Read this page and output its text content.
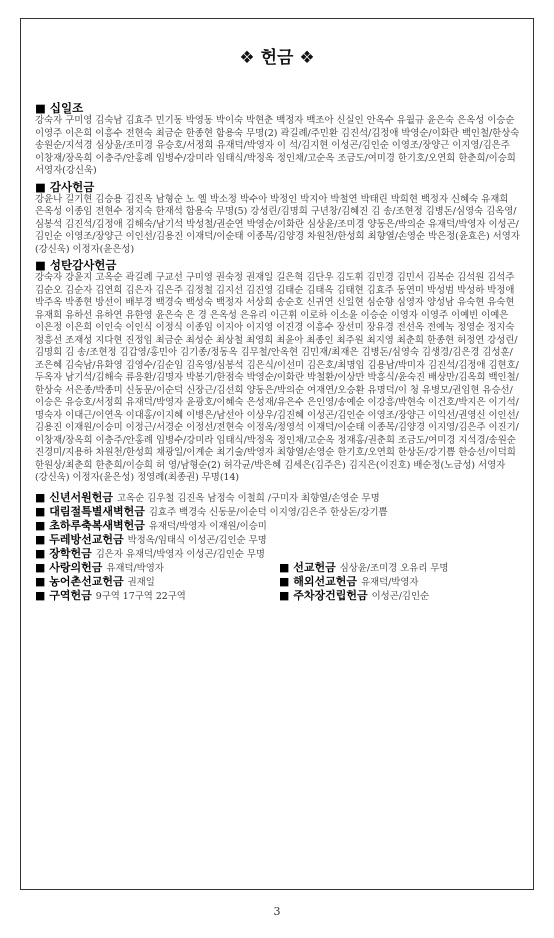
❖ 헌금 ❖
■ 십일조
강숙자 구미영 김숙남 김효주 민기동 박영동 박이숙 박현춘 백정자 백조아 신실인 안옥수 유월규 윤은숙 은옥성 이승순 이영주 이은희 이흥수 전현숙 최금순 한종현 함용숙 무명(2) 곽길례/주민환 김진석/김정애 박영순/이화란 백인철/한상숙 송원순/지석경 심상윤/조미경 유승호/서정희 유재덕/박영자 이 석/김지현 이성곤/김인순 이영조/장양근 이지영/김은주 이창재/장옥희 이충주/안홍례 임병수/강미라 임태식/박정옥 정인채/고순옥 조금도/여미경 한기호/오연희 한춘희/이승희 서영자(강신욱)
■ 감사헌금
강윤나 길기현 김승용 김진옥 남형순 노 엘 박소정 박수아 박정인 박지아 박철연 박태린 박희현 백정자 신혜숙 유재희 은옥성 이종임 전현수 정지숙 한재석 함용숙 무명(5) 강성린/김명희 구년창/김혜진 김 송/조현정 김병돈/심영숙 김옥영/심봉석 김진석/김정애 김해숙/남기석 박성철/권순연 박영순/이화란 심상윤/조미경 양동은/박의순 유재덕/박영자 이성곤/김인순 이영조/장양근 이인선/김용진 이재덕/이순태 이종목/김양경 차원천/한성희 최향열/손영순 박은정(윤효은) 서영자(강신욱) 이정자(윤은성)
■ 성탄감사헌금
강숙자 강윤지 고옥순 곽길례 구교선 구미영 권숙정 권재일 길은혁 김단우 김도휘 김민경 김민서 김복순 김석원 김석주 김순오 김순자 김연희 김은자 김은주 김정철 김지선 김진영 김태순 김태옥 김태현 김효주 동연미 박성범 박성하 박정애 박주옥 박종현 방선이 배부경 백경숙 백성숙 백정자 서상희 송순호 신귀연 신일현 심순향 심영자 양성남 유숙현 유숙현 유재희 유하선 유하연 유한영 윤은숙 은 경 은옥성 은유리 이근휘 이로하 이소윤 이승순 이영자 이영주 이예빈 이예은 이은정 이은희 이인숙 이인식 이정식 이종임 이지아 이지영 이진경 이흥수 장선미 장유경 전선옥 전예녹 정영순 정지숙 정흥선 조재성 지다현 진정임 최금순 최성순 최상철 최영희 최윤아 최종인 최주원 최지영 최춘희 한종현 허정연 강성린/김명희 김 송/조현정 김갑영/홍민아 김기종/정동옥 김무철/안옥현 김민재/최재은 김병돈/심영숙 김생경/김은경 김성훈/조은혜 김숙남/유화영 김영수/김순임 김옥영/심봉석 김은식/이선미 김은호/최명임 김용남/박미자 김진석/김정애 김현호/두옥자 남기석/김해숙 류응환/김명자 박봉기/한점숙 박영순/이화란 박철환/이상만 박흥식/윤숙진 배상만/김옥희 백인철/한상숙 서은종/박종미 신동문/이순덕 신장근/김선희 양동은/박의순 여재연/오승환 유명덕/이 청 유병모/권임현 유승선/이승은 유승호/서정희 유재덕/박영자 윤광호/이혜숙 은성재/유은수 은인영/송예순 이강흥/박현숙 이건호/박지은 이기석/명숙자 이대근/이연옥 이대홍/이지혜 이병은/남선아 이상우/김진혜 이성곤/김인순 이영조/장양근 이익선/권영신 이인선/김용진 이재원/이승미 이정근/서경순 이정선/전현숙 이정옥/정영석 이재덕/이순태 이종목/김양경 이지영/김은주 이진기/이창재/장옥희 이충주/안홍례 임병수/강미라 임태식/박정옥 정인채/고순옥 정재홍/권춘희 조금도/여미경 지석경/송원순 진경미/지용하 차원천/한성희 채광일/이계순 최기술/박영자 최향열/손영순 한기호/오연희 한상돈/강기쁨 한승선/이덕희 한원상/최춘희 한춘희/이승희 허 영/남형순(2) 허각균/박은혜 김세은(김주은) 김지은(이진호) 배순정(노금성) 서영자(강신욱) 이정자(윤은성) 정영례(최종권) 무명(14)
■ 신년서원헌금 고옥순 김우철 김진옥 남정숙 이철희 /구미자 최향열/손영순 무명
■ 대림절특별새벽헌금 김효주 백경숙 신동문/이순덕 이지영/김은주 한상돈/강기쁨
■ 초하루축복새벽헌금 유재덕/박영자 이재원/이승미
■ 두레방선교헌금 박정옥/임태식 이성곤/김인순 무명
■ 장학헌금 김은자 유재덕/박영자 이성곤/김인순 무명
■ 사랑의헌금 유재덕/박영자	■ 선교헌금 심상윤/조미경 오유리 무명
■ 농어촌선교헌금 권재일	■ 해외선교헌금 유재덕/박영자
■ 구역헌금 9구역 17구역 22구역	■ 주차장건립헌금 이성곤/김인순
3
